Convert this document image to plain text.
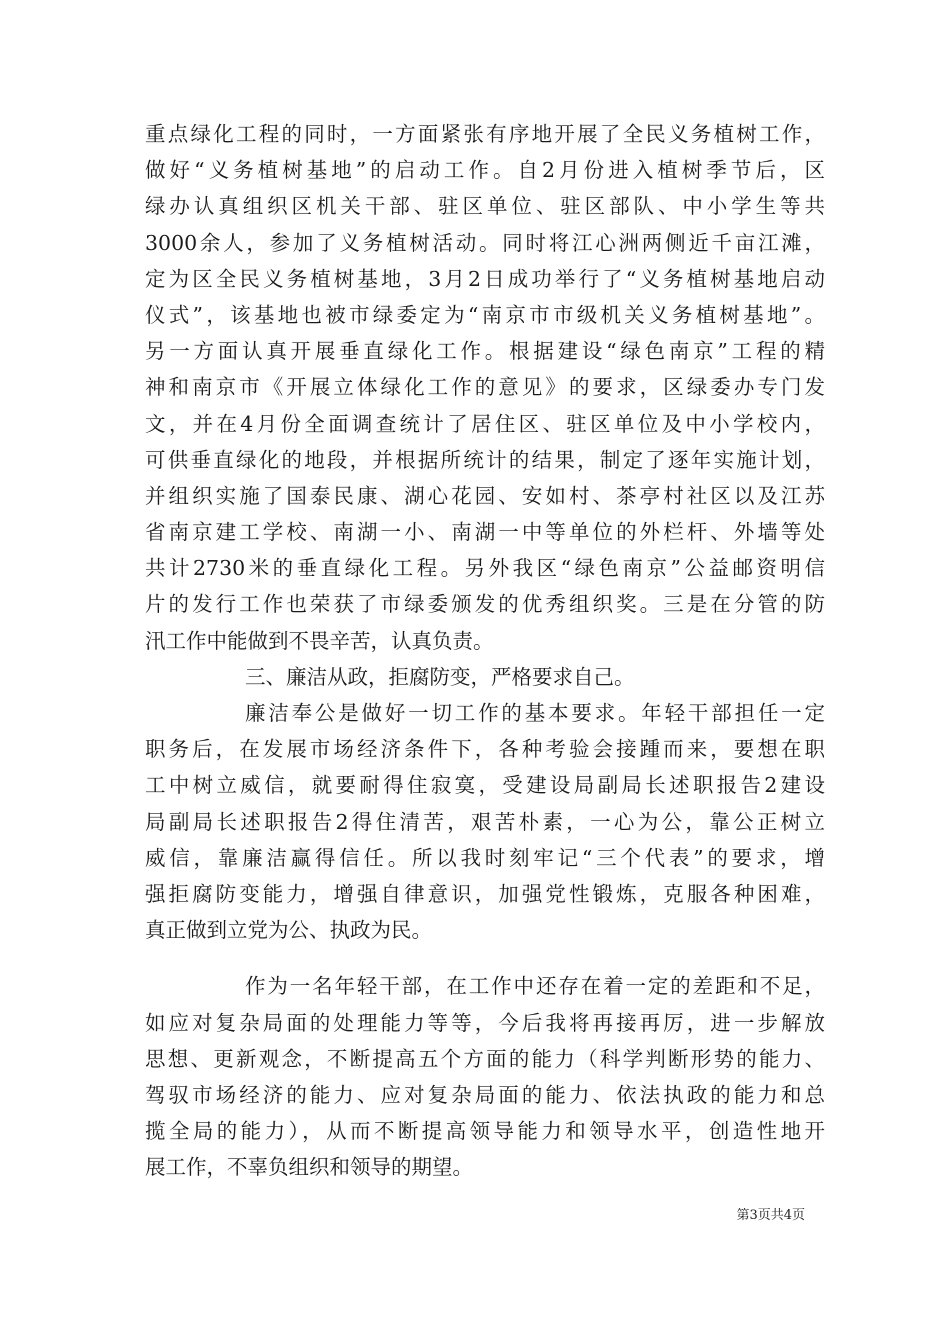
重点绿化工程的同时，一方面紧张有序地开展了全民义务植树工作，
做好“义务植树基地”的启动工作。自2月份进入植树季节后，区
绿办认真组织区机关干部、驻区单位、驻区部队、中小学生等共
3000余人，参加了义务植树活动。同时将江心洲两侧近千亩江滩，
定为区全民义务植树基地，3月2日成功举行了“义务植树基地启动
仪式”，该基地也被市绿委定为“南京市市级机关义务植树基地”。
另一方面认真开展垂直绿化工作。根据建设“绿色南京”工程的精
神和南京市《开展立体绿化工作的意见》的要求，区绿委办专门发
文，并在4月份全面调查统计了居住区、驻区单位及中小学校内，
可供垂直绿化的地段，并根据所统计的结果，制定了逐年实施计划，
并组织实施了国泰民康、湖心花园、安如村、茶亭村社区以及江苏
省南京建工学校、南湖一小、南湖一中等单位的外栏杆、外墙等处
共计2730米的垂直绿化工程。另外我区“绿色南京”公益邮资明信
片的发行工作也荣获了市绿委颁发的优秀组织奖。三是在分管的防
汛工作中能做到不畏辛苦，认真负责。
三、廉洁从政，拒腐防变，严格要求自己。
廉洁奉公是做好一切工作的基本要求。年轻干部担任一定
职务后，在发展市场经济条件下，各种考验会接踵而来，要想在职
工中树立威信，就要耐得住寂寞，受建设局副局长述职报告2建设
局副局长述职报告2得住清苦，艰苦朴素，一心为公，靠公正树立
威信，靠廉洁赢得信任。所以我时刻牢记“三个代表”的要求，增
强拒腐防变能力，增强自律意识，加强党性锻炼，克服各种困难，
真正做到立党为公、执政为民。
作为一名年轻干部，在工作中还存在着一定的差距和不足，
如应对复杂局面的处理能力等等，今后我将再接再厉，进一步解放
思想、更新观念，不断提高五个方面的能力（科学判断形势的能力、
驾驭市场经济的能力、应对复杂局面的能力、依法执政的能力和总
揽全局的能力），从而不断提高领导能力和领导水平，创造性地开
展工作，不辜负组织和领导的期望。
第3页共4页
